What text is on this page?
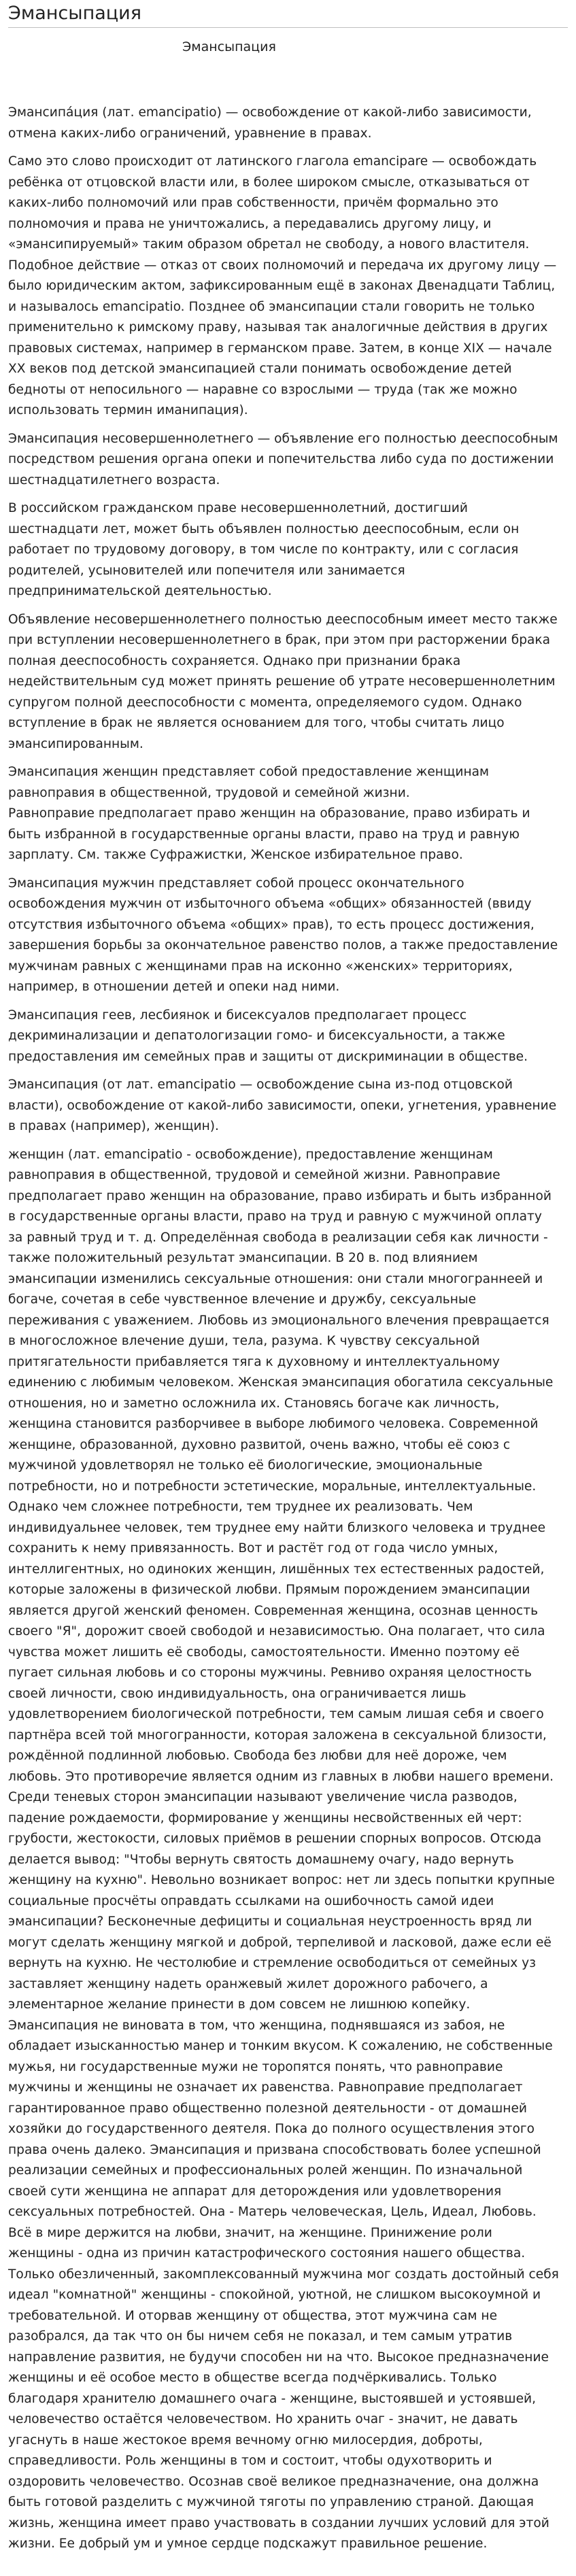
Эмансыпация
Эмансыпация

Эмансипа́ция (лат. emancipatio) — освобождение от какой-либо зависимости, отмена каких-либо ограничений, уравнение в правах.

Само это слово происходит от латинского глагола emancipare — освобождать ребёнка от отцовской власти или, в более широком смысле, отказываться от каких-либо полномочий или прав собственности, причём формально это полномочия и права не уничтожались, а передавались другому лицу, и «эмансипируемый» таким образом обретал не свободу, а нового властителя. Подобное действие — отказ от своих полномочий и передача их другому лицу — было юридическим актом, зафиксированным ещё в законах Двенадцати Таблиц, и называлось emancipatio. Позднее об эмансипации стали говорить не только применительно к римскому праву, называя так аналогичные действия в других правовых системах, например в германском праве. Затем, в конце XIX — начале XX веков под детской эмансипацией стали понимать освобождение детей бедноты от непосильного — наравне со взрослыми — труда (так же можно использовать термин иманипация).

Эмансипация несовершеннолетнего — объявление его полностью дееспособным посредством решения органа опеки и попечительства либо суда по достижении шестнадцатилетнего возраста.

В российском гражданском праве несовершеннолетний, достигший шестнадцати лет, может быть объявлен полностью дееспособным, если он работает по трудовому договору, в том числе по контракту, или с согласия родителей, усыновителей или попечителя или занимается предпринимательской деятельностью.

Объявление несовершеннолетнего полностью дееспособным имеет место также при вступлении несовершеннолетнего в брак, при этом при расторжении брака полная дееспособность сохраняется. Однако при признании брака недействительным суд может принять решение об утрате несовершеннолетним супругом полной дееспособности с момента, определяемого судом. Однако вступление в брак не является основанием для того, чтобы считать лицо эмансипированным.

Эмансипация женщин представляет собой предоставление женщинам равноправия в общественной, трудовой и семейной жизни.

Равноправие предполагает право женщин на образование, право избирать и быть избранной в государственные органы власти, право на труд и равную зарплату. См. также Суфражистки, Женское избирательное право.

Эмансипация мужчин представляет собой процесс окончательного освобождения мужчин от избыточного объема «общих» обязанностей (ввиду отсутствия избыточного объема «общих» прав), то есть процесс достижения, завершения борьбы за окончательное равенство полов, а также предоставление мужчинам равных с женщинами прав на исконно «женских» территориях, например, в отношении детей и опеки над ними.

Эмансипация геев, лесбиянок и бисексуалов предполагает процесс декриминализации и депатологизации гомо- и бисексуальности, а также предоставления им семейных прав и защиты от дискриминации в обществе.

Эмансипация (от лат. emancipatio — освобождение сына из-под отцовской власти), освобождение от какой-либо зависимости, опеки, угнетения, уравнение в правах (например), женщин).

женщин (лат. emancipatio - освобождение), предоставление женщинам равноправия в общественной, трудовой и семейной жизни. Равноправие предполагает право женщин на образование, право избирать и быть избранной в государственные органы власти, право на труд и равную с мужчиной оплату за равный труд и т. д. Определённая свобода в реализации себя как личности - также положительный результат эмансипации. В 20 в. под влиянием эмансипации изменились сексуальные отношения: они стали многограннеей и богаче, сочетая в себе чувственное влечение и дружбу, сексуальные переживания с уважением. Любовь из эмоционального влечения превращается в многосложное влечение души, тела, разума. К чувству сексуальной притягательности прибавляется тяга к духовному и интеллектуальному единению с любимым человеком. Женская эмансипация обогатила сексуальные отношения, но и заметно осложнила их. Становясь богаче как личность, женщина становится разборчивее в выборе любимого человека. Современной женщине, образованной, духовно развитой, очень важно, чтобы её союз с мужчиной удовлетворял не только её биологические, эмоциональные потребности, но и потребности эстетические, моральные, интеллектуальные. Однако чем сложнее потребности, тем труднее их реализовать. Чем индивидуальнее человек, тем труднее ему найти близкого человека и труднее сохранить к нему привязанность. Вот и растёт год от года число умных, интеллигентных, но одиноких женщин, лишённых тех естественных радостей, которые заложены в физической любви. Прямым порождением эмансипации является другой женский феномен. Современная женщина, осознав ценность своего "Я", дорожит своей свободой и независимостью. Она полагает, что сила чувства может лишить её свободы, самостоятельности. Именно поэтому её пугает сильная любовь и со стороны мужчины. Ревниво охраняя целостность своей личности, свою индивидуальность, она ограничивается лишь удовлетворением биологической потребности, тем самым лишая себя и своего партнёра всей той многогранности, которая заложена в сексуальной близости, рождённой подлинной любовью. Свобода без любви для неё дороже, чем любовь. Это противоречие является одним из главных в любви нашего времени. Среди теневых сторон эмансипации называют увеличение числа разводов, падение рождаемости, формирование у женщины несвойственных ей черт: грубости, жестокости, силовых приёмов в решении спорных вопросов. Отсюда делается вывод: "Чтобы вернуть святость домашнему очагу, надо вернуть женщину на кухню". Невольно возникает вопрос: нет ли здесь попытки крупные социальные просчёты оправдать ссылками на ошибочность самой идеи эмансипации? Бесконечные дефициты и социальная неустроенность вряд ли могут сделать женщину мягкой и доброй, терпеливой и ласковой, даже если её вернуть на кухню. Не честолюбие и стремление освободиться от семейных уз заставляет женщину надеть оранжевый жилет дорожного рабочего, а элементарное желание принести в дом совсем не лишнюю копейку.

Эмансипация не виновата в том, что женщина, поднявшаяся из забоя, не обладает изысканностью манер и тонким вкусом. К сожалению, не собственные мужья, ни государственные мужи не торопятся понять, что равноправие мужчины и женщины не означает их равенства. Равноправие предполагает гарантированное право общественно полезной деятельности - от домашней хозяйки до государственного деятеля. Пока до полного осуществления этого права очень далеко. Эмансипация и призвана способствовать более успешной реализации семейных и профессиональных ролей женщин. По изначальной своей сути женщина не аппарат для деторождения или удовлетворения сексуальных потребностей. Она - Матерь человеческая, Цель, Идеал, Любовь. Всё в мире держится на любви, значит, на женщине. Принижение роли женщины - одна из причин катастрофического состояния нашего общества. Только обезличенный, закомплексованный мужчина мог создать достойный себя идеал "комнатной" женщины - спокойной, уютной, не слишком высокоумной и требовательной. И оторвав женщину от общества, этот мужчина сам не разобрался, да так что он бы ничем себя не показал, и тем самым утратив направление развития, не будучи способен ни на что. Высокое предназначение женщины и её особое место в обществе всегда подчёркивались. Только благодаря хранителю домашнего очага - женщине, выстоявшей и устоявшей, человечество остаётся человечеством. Но хранить очаг - значит, не давать угаснуть в наше жестокое время вечному огню милосердия, доброты, справедливости. Роль женщины в том и состоит, чтобы одухотворить и оздоровить человечество. Осознав своё великое предназначение, она должна быть готовой разделить с мужчиной тяготы по управлению страной. Дающая жизнь, женщина имеет право участвовать в создании лучших условий для этой жизни. Ее добрый ум и умное сердце подскажут правильное решение.
